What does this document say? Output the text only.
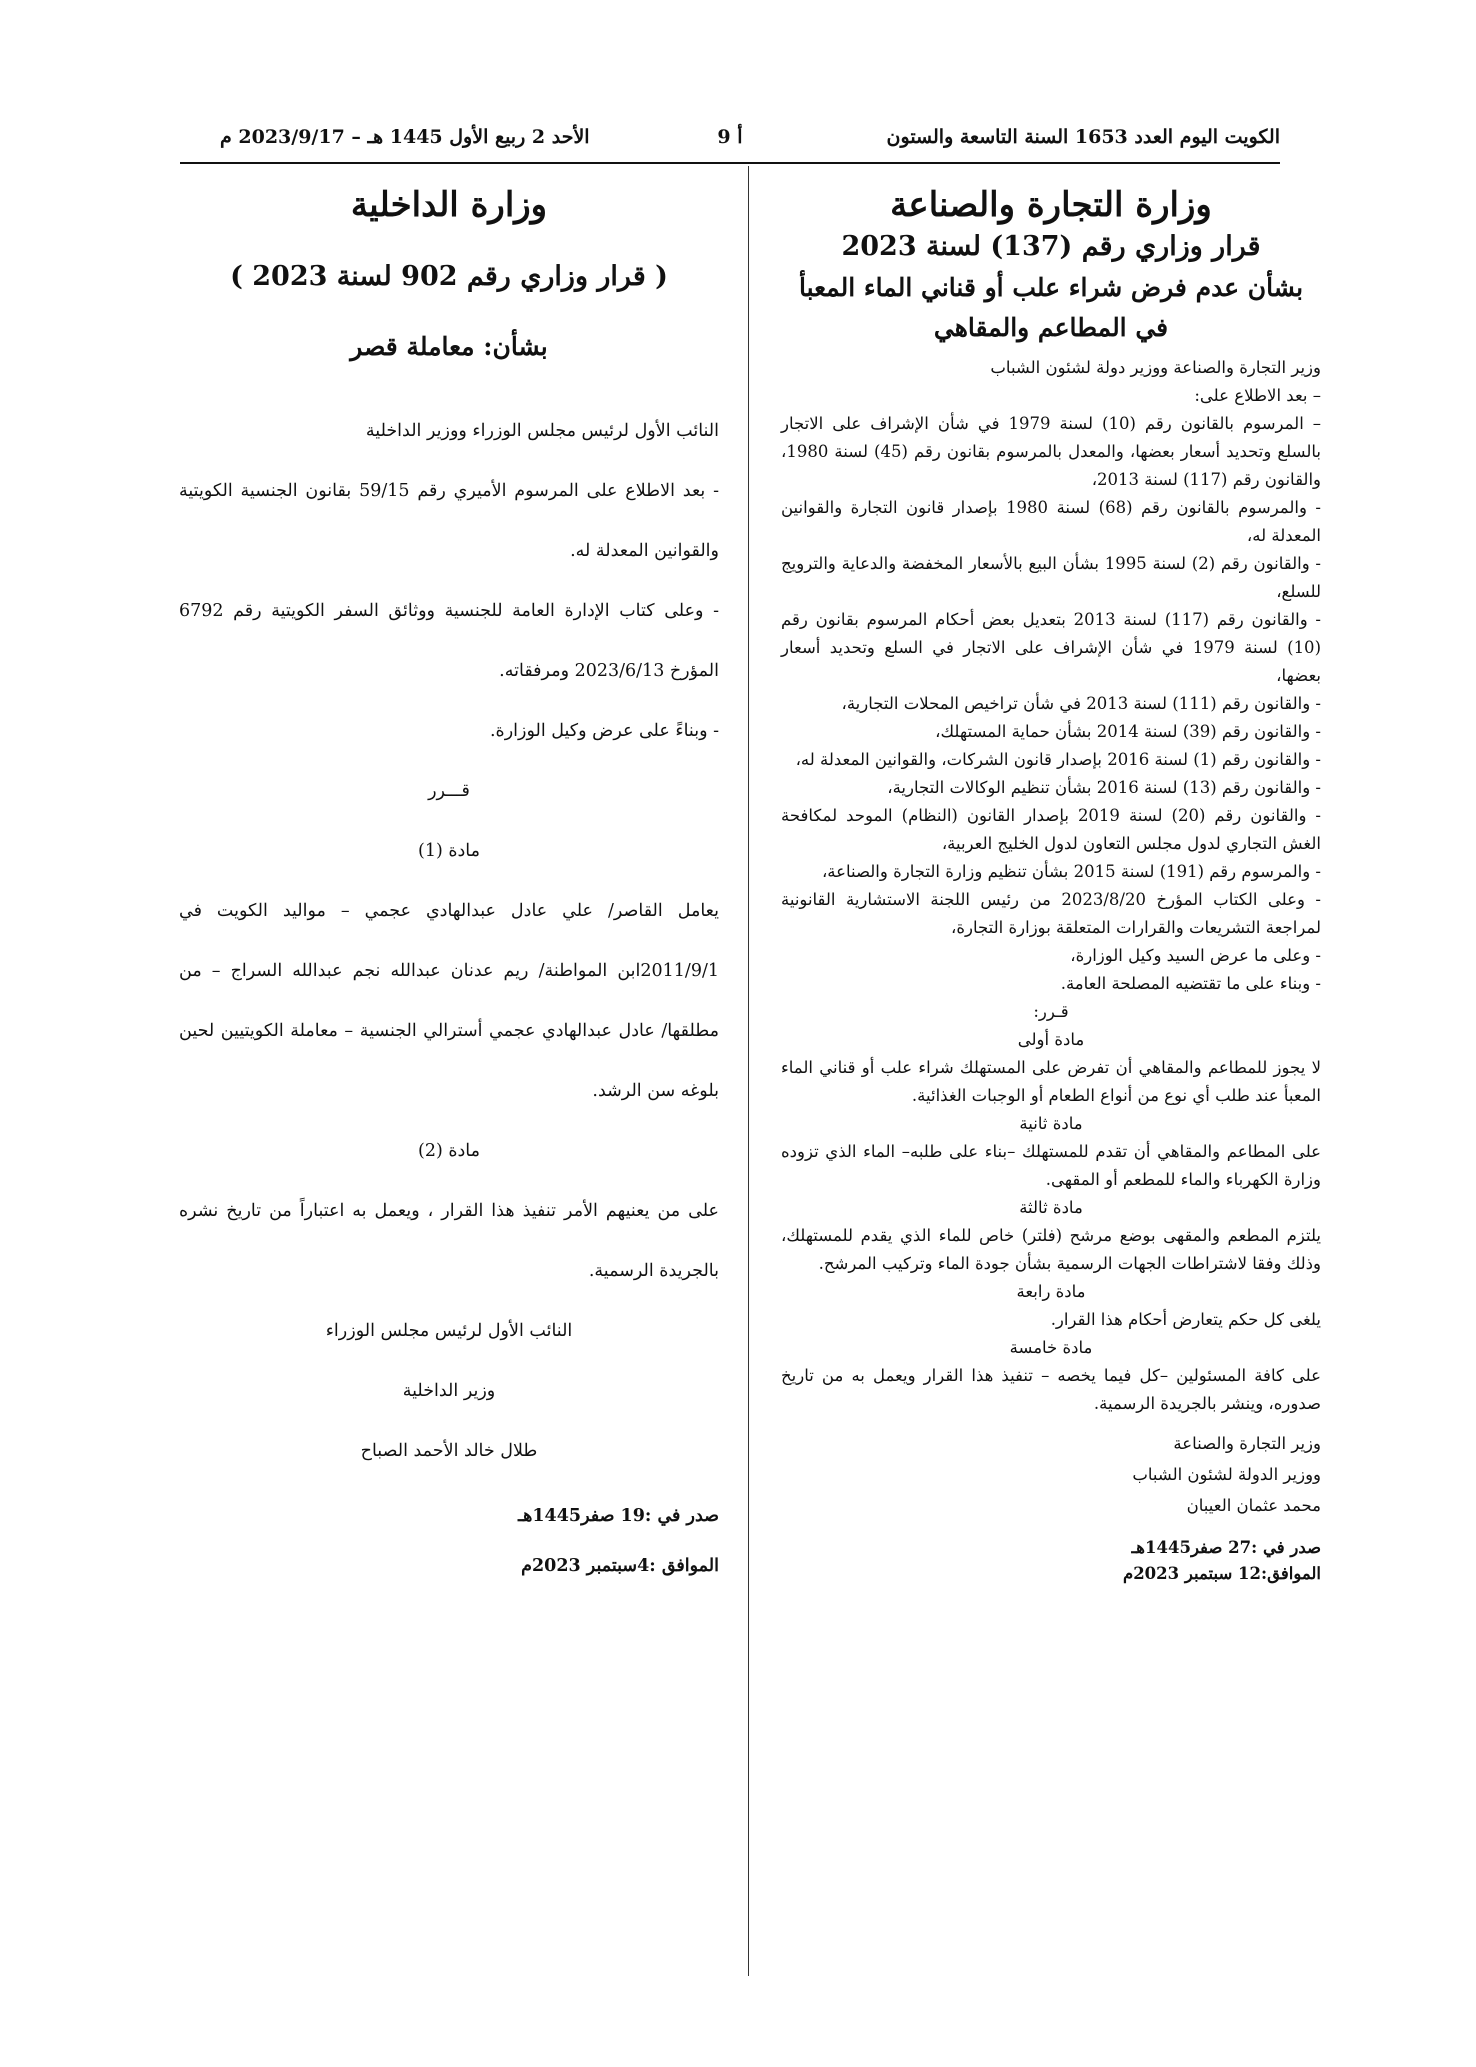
الكويت اليوم العدد 1653 السنة التاسعة والستون
أ 9
الأحد 2 ربيع الأول 1445 هـ – 2023/9/17 م
وزارة التجارة والصناعة
قرار وزاري رقم (137) لسنة 2023
بشأن عدم فرض شراء علب أو قناني الماء المعبأ في المطاعم والمقاهي

وزير التجارة والصناعة ووزير دولة لشئون الشباب

– بعد الاطلاع على:

– المرسوم بالقانون رقم (10) لسنة 1979 في شأن الإشراف على الاتجار بالسلع وتحديد أسعار بعضها، والمعدل بالمرسوم بقانون رقم (45) لسنة 1980، والقانون رقم (117) لسنة 2013،

- والمرسوم بالقانون رقم (68) لسنة 1980 بإصدار قانون التجارة والقوانين المعدلة له،

- والقانون رقم (2) لسنة 1995 بشأن البيع بالأسعار المخفضة والدعاية والترويج للسلع،

- والقانون رقم (117) لسنة 2013 بتعديل بعض أحكام المرسوم بقانون رقم (10) لسنة 1979 في شأن الإشراف على الاتجار في السلع وتحديد أسعار بعضها،

- والقانون رقم (111) لسنة 2013 في شأن تراخيص المحلات التجارية،

- والقانون رقم (39) لسنة 2014 بشأن حماية المستهلك،

- والقانون رقم (1) لسنة 2016 بإصدار قانون الشركات، والقوانين المعدلة له،

- والقانون رقم (13) لسنة 2016 بشأن تنظيم الوكالات التجارية،

- والقانون رقم (20) لسنة 2019 بإصدار القانون (النظام) الموحد لمكافحة الغش التجاري لدول مجلس التعاون لدول الخليج العربية،

- والمرسوم رقم (191) لسنة 2015 بشأن تنظيم وزارة التجارة والصناعة،

- وعلى الكتاب المؤرخ 2023/8/20 من رئيس اللجنة الاستشارية القانونية لمراجعة التشريعات والقرارات المتعلقة بوزارة التجارة،

- وعلى ما عرض السيد وكيل الوزارة،

- وبناء على ما تقتضيه المصلحة العامة.

قـرر:

مادة أولى

لا يجوز للمطاعم والمقاهي أن تفرض على المستهلك شراء علب أو قناني الماء المعبأ عند طلب أي نوع من أنواع الطعام أو الوجبات الغذائية.

مادة ثانية

على المطاعم والمقاهي أن تقدم للمستهلك –بناء على طلبه– الماء الذي تزوده وزارة الكهرباء والماء للمطعم أو المقهى.

مادة ثالثة

يلتزم المطعم والمقهى بوضع مرشح (فلتر) خاص للماء الذي يقدم للمستهلك، وذلك وفقا لاشتراطات الجهات الرسمية بشأن جودة الماء وتركيب المرشح.

مادة رابعة

يلغى كل حكم يتعارض أحكام هذا القرار.

مادة خامسة

على كافة المسئولين –كل فيما يخصه – تنفيذ هذا القرار ويعمل به من تاريخ صدوره، وينشر بالجريدة الرسمية.

وزير التجارة والصناعة

ووزير الدولة لشئون الشباب

محمد عثمان العيبان

صدر في :27 صفر1445هـ

الموافق:12 سبتمبر 2023م

وزارة الداخلية
( قرار وزاري رقم 902 لسنة 2023 )
بشأن: معاملة قصر

النائب الأول لرئيس مجلس الوزراء ووزير الداخلية

- بعد الاطلاع على المرسوم الأميري رقم 59/15 بقانون الجنسية الكويتية والقوانين المعدلة له.

- وعلى كتاب الإدارة العامة للجنسية ووثائق السفر الكويتية رقم 6792 المؤرخ 2023/6/13 ومرفقاته.

- وبناءً على عرض وكيل الوزارة.

قـــرر

مادة (1)

يعامل القاصر/ علي عادل عبدالهادي عجمي – مواليد الكويت في 2011/9/1ابن المواطنة/ ريم عدنان عبدالله نجم عبدالله السراج – من مطلقها/ عادل عبدالهادي عجمي أسترالي الجنسية – معاملة الكويتيين لحين بلوغه سن الرشد.

مادة (2)

على من يعنيهم الأمر تنفيذ هذا القرار ، ويعمل به اعتباراً من تاريخ نشره بالجريدة الرسمية.

النائب الأول لرئيس مجلس الوزراء

وزير الداخلية

طلال خالد الأحمد الصباح

صدر في :19 صفر1445هـ

الموافق :4سبتمبر 2023م
